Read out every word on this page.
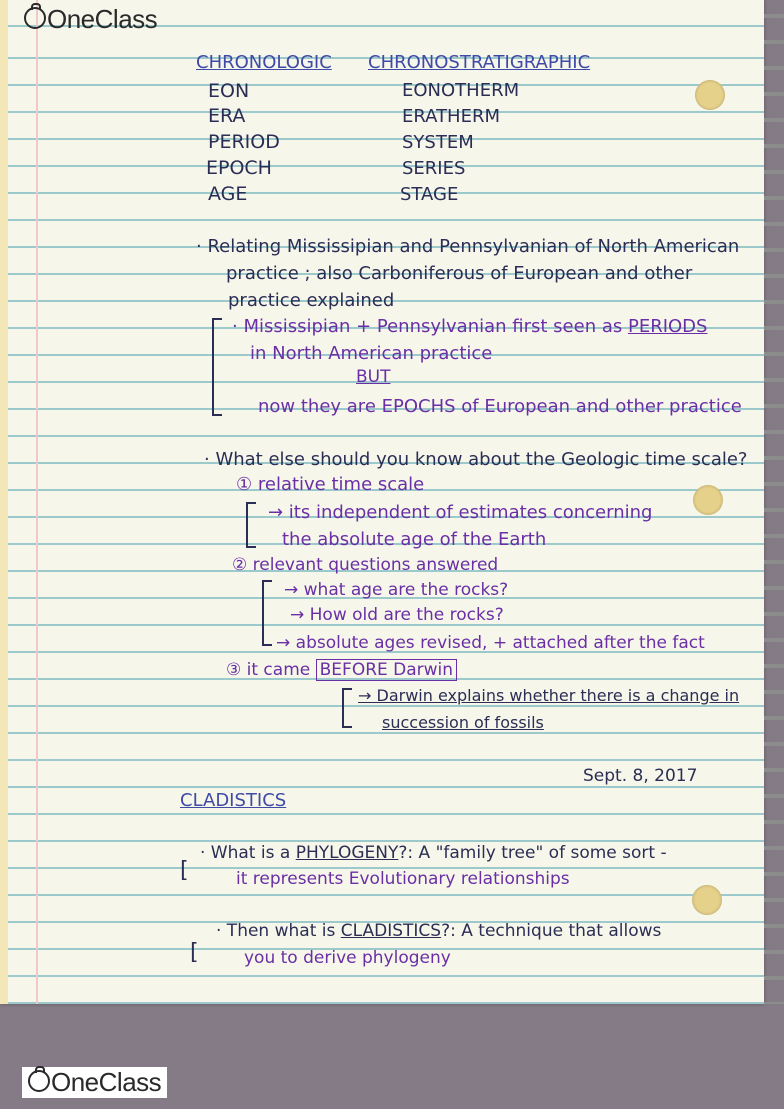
OneClass
CHRONOLOGIC CHRONOSTRATIGRAPHIC
EON	EONOTHERM
ERA	ERATHERM
PERIOD	SYSTEM
EPOCH	SERIES
AGE	STAGE
· Relating Mississipian and Pennsylvanian of North American
practice ; also Carboniferous of European and other
practice explained
· Mississipian + Pennsylvanian first seen as PERIODS
in North American practice
BUT
now they are EPOCHS of European and other practice
· What else should you know about the Geologic time scale?
① relative time scale
→ its independent of estimates concerning
the absolute age of the Earth
② relevant questions answered
→ what age are the rocks?
→ How old are the rocks?
→ absolute ages revised, + attached after the fact
③ it came BEFORE Darwin
→ Darwin explains whether there is a change in
succession of fossils
Sept. 8, 2017
CLADISTICS
[
· What is a PHYLOGENY?: A "family tree" of some sort -
it represents Evolutionary relationships
[
· Then what is CLADISTICS?: A technique that allows
you to derive phylogeny
OneClass
